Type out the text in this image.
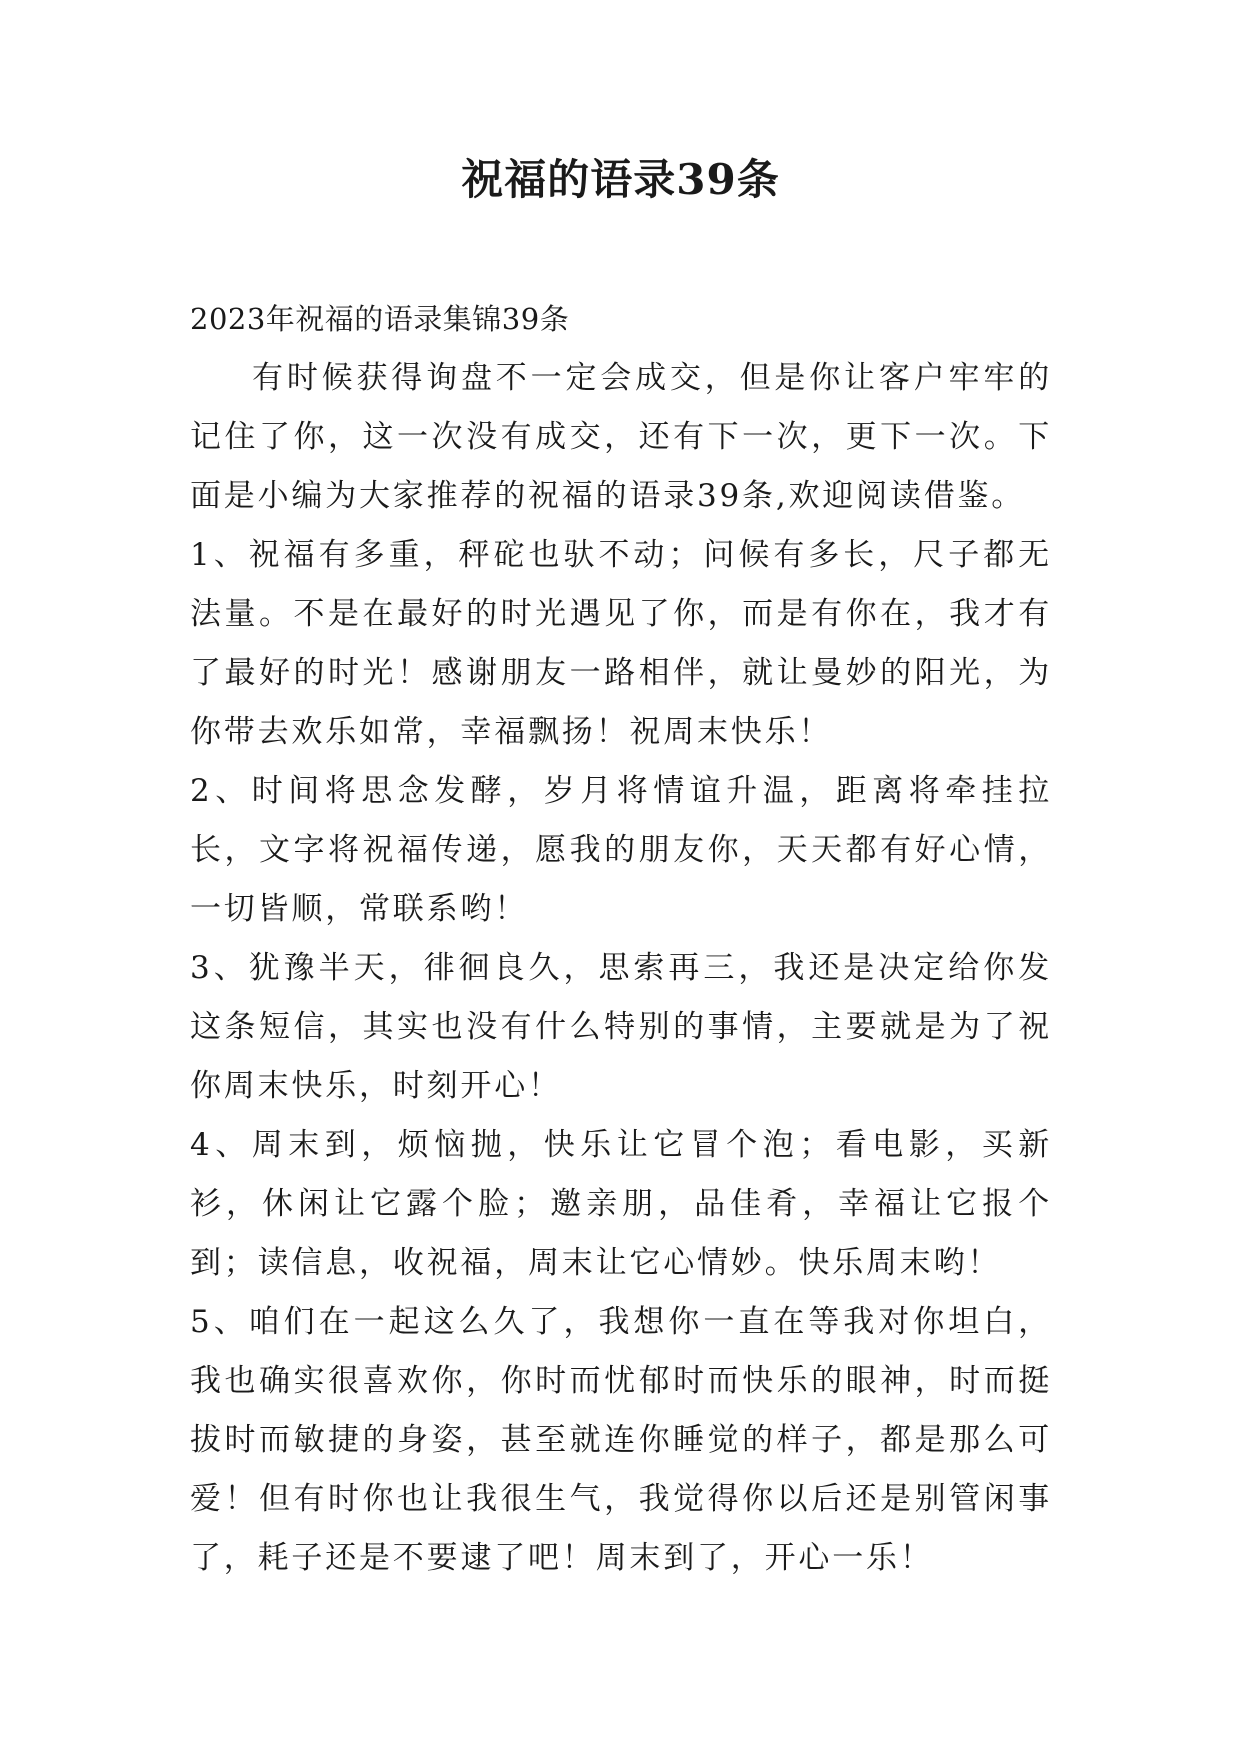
祝福的语录39条

2023年祝福的语录集锦39条

有时候获得询盘不一定会成交，但是你让客户牢牢的记住了你，这一次没有成交，还有下一次，更下一次。下面是小编为大家推荐的祝福的语录39条,欢迎阅读借鉴。

1、祝福有多重，秤砣也驮不动；问候有多长，尺子都无法量。不是在最好的时光遇见了你，而是有你在，我才有了最好的时光！感谢朋友一路相伴，就让曼妙的阳光，为你带去欢乐如常，幸福飘扬！祝周末快乐！

2、时间将思念发酵，岁月将情谊升温，距离将牵挂拉长，文字将祝福传递，愿我的朋友你，天天都有好心情，一切皆顺，常联系哟！

3、犹豫半天，徘徊良久，思索再三，我还是决定给你发这条短信，其实也没有什么特别的事情，主要就是为了祝你周末快乐，时刻开心！

4、周末到，烦恼抛，快乐让它冒个泡；看电影，买新衫，休闲让它露个脸；邀亲朋，品佳肴，幸福让它报个到；读信息，收祝福，周末让它心情妙。快乐周末哟！

5、咱们在一起这么久了，我想你一直在等我对你坦白，我也确实很喜欢你，你时而忧郁时而快乐的眼神，时而挺拔时而敏捷的身姿，甚至就连你睡觉的样子，都是那么可爱！但有时你也让我很生气，我觉得你以后还是别管闲事了，耗子还是不要逮了吧！周末到了，开心一乐！
